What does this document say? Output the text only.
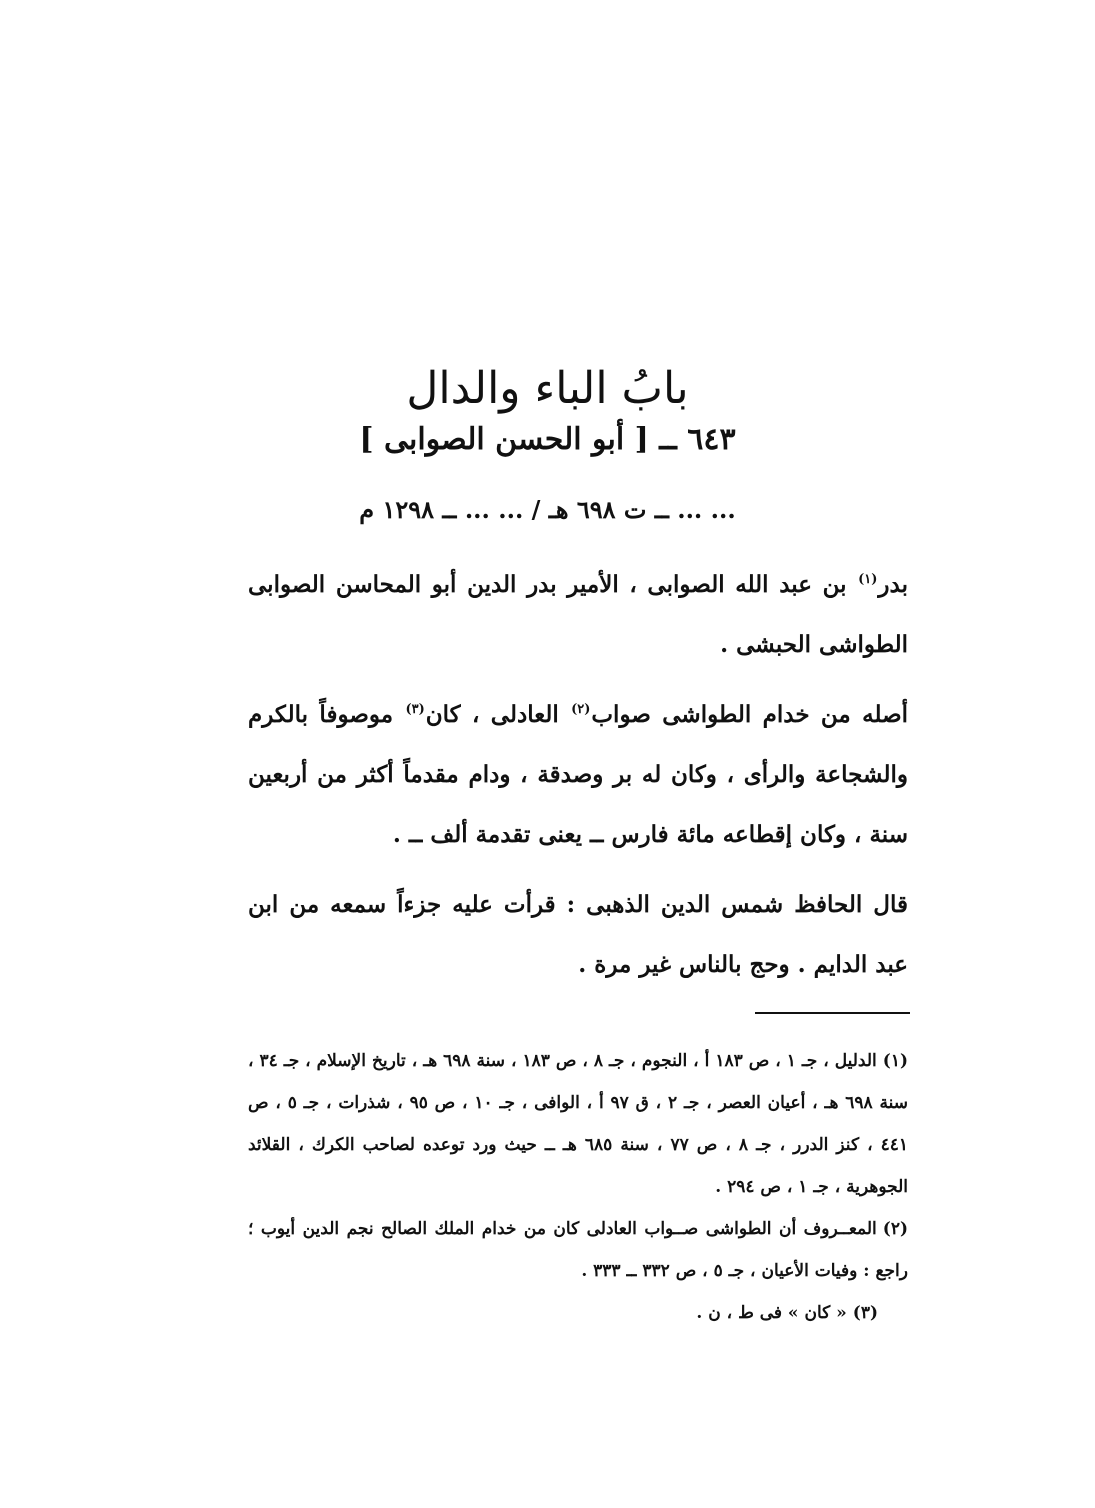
بابُ الباء والدال
٦٤٣ ــ [ أبو الحسن الصوابى ]
... ... ــ ت ٦٩٨ هـ / ... ... ــ ١٢٩٨ م

بدر$^{(١)}$ بن عبد الله الصوابى ، الأمير بدر الدين أبو المحاسن الصوابى الطواشى الحبشى .

أصله من خدام الطواشى صواب$^{(٢)}$ العادلى ، كان$^{(٣)}$ موصوفاً بالكرم والشجاعة والرأى ، وكان له بر وصدقة ، ودام مقدماً أكثر من أربعين سنة ، وكان إقطاعه مائة فارس ــ يعنى تقدمة ألف ــ .

قال الحافظ شمس الدين الذهبى : قرأت عليه جزءاً سمعه من ابن عبد الدايم . وحج بالناس غير مرة .

(١)الدليل ، جـ ١ ، ص ١٨٣ أ ، النجوم ، جـ ٨ ، ص ١٨٣ ، سنة ٦٩٨ هـ ، تاريخ الإسلام ، جـ ٣٤ ، سنة ٦٩٨ هـ ، أعيان العصر ، جـ ٢ ، ق ٩٧ أ ، الوافى ، جـ ١٠ ، ص ٩٥ ، شذرات ، جـ ٥ ، ص ٤٤١ ، كنز الدرر ، جـ ٨ ، ص ٧٧ ، سنة ٦٨٥ هـ ــ حيث ورد توعده لصاحب الكرك ، القلائد الجوهرية ، جـ ١ ، ص ٢٩٤ .

(٢)المعــروف أن الطواشى صــواب العادلى كان من خدام الملك الصالح نجم الدين أيوب ؛ راجع : وفيات الأعيان ، جـ ٥ ، ص ٣٣٢ ــ ٣٣٣ .

(٣)« كان » فى ط ، ن .
